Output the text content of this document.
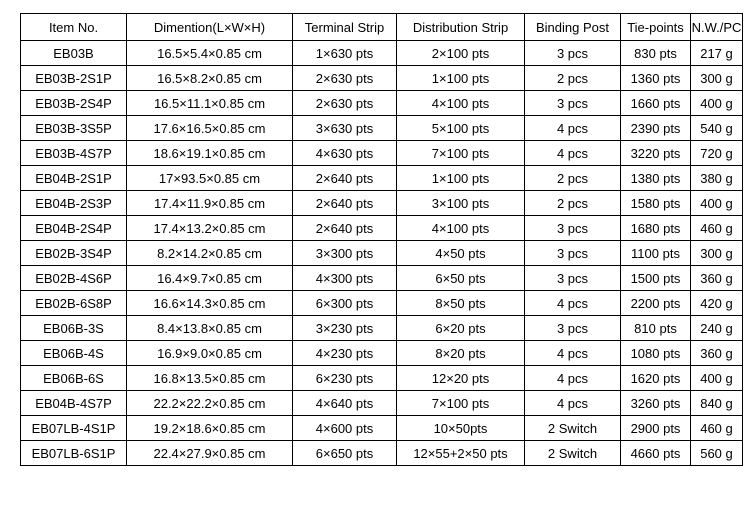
Item No.	Dimention(L×W×H)	Terminal Strip	Distribution Strip	Binding Post	Tie-points	N.W./PC
EB03B	16.5×5.4×0.85 cm	1×630 pts	2×100 pts	3 pcs	830 pts	217 g
EB03B-2S1P	16.5×8.2×0.85 cm	2×630 pts	1×100 pts	2 pcs	1360 pts	300 g
EB03B-2S4P	16.5×11.1×0.85 cm	2×630 pts	4×100 pts	3 pcs	1660 pts	400 g
EB03B-3S5P	17.6×16.5×0.85 cm	3×630 pts	5×100 pts	4 pcs	2390 pts	540 g
EB03B-4S7P	18.6×19.1×0.85 cm	4×630 pts	7×100 pts	4 pcs	3220 pts	720 g
EB04B-2S1P	17×93.5×0.85 cm	2×640 pts	1×100 pts	2 pcs	1380 pts	380 g
EB04B-2S3P	17.4×11.9×0.85 cm	2×640 pts	3×100 pts	2 pcs	1580 pts	400 g
EB04B-2S4P	17.4×13.2×0.85 cm	2×640 pts	4×100 pts	3 pcs	1680 pts	460 g
EB02B-3S4P	8.2×14.2×0.85 cm	3×300 pts	4×50 pts	3 pcs	1100 pts	300 g
EB02B-4S6P	16.4×9.7×0.85 cm	4×300 pts	6×50 pts	3 pcs	1500 pts	360 g
EB02B-6S8P	16.6×14.3×0.85 cm	6×300 pts	8×50 pts	4 pcs	2200 pts	420 g
EB06B-3S	8.4×13.8×0.85 cm	3×230 pts	6×20 pts	3 pcs	810 pts	240 g
EB06B-4S	16.9×9.0×0.85 cm	4×230 pts	8×20 pts	4 pcs	1080 pts	360 g
EB06B-6S	16.8×13.5×0.85 cm	6×230 pts	12×20 pts	4 pcs	1620 pts	400 g
EB04B-4S7P	22.2×22.2×0.85 cm	4×640 pts	7×100 pts	4 pcs	3260 pts	840 g
EB07LB-4S1P	19.2×18.6×0.85 cm	4×600 pts	10×50pts	2 Switch	2900 pts	460 g
EB07LB-6S1P	22.4×27.9×0.85 cm	6×650 pts	12×55+2×50 pts	2 Switch	4660 pts	560 g
